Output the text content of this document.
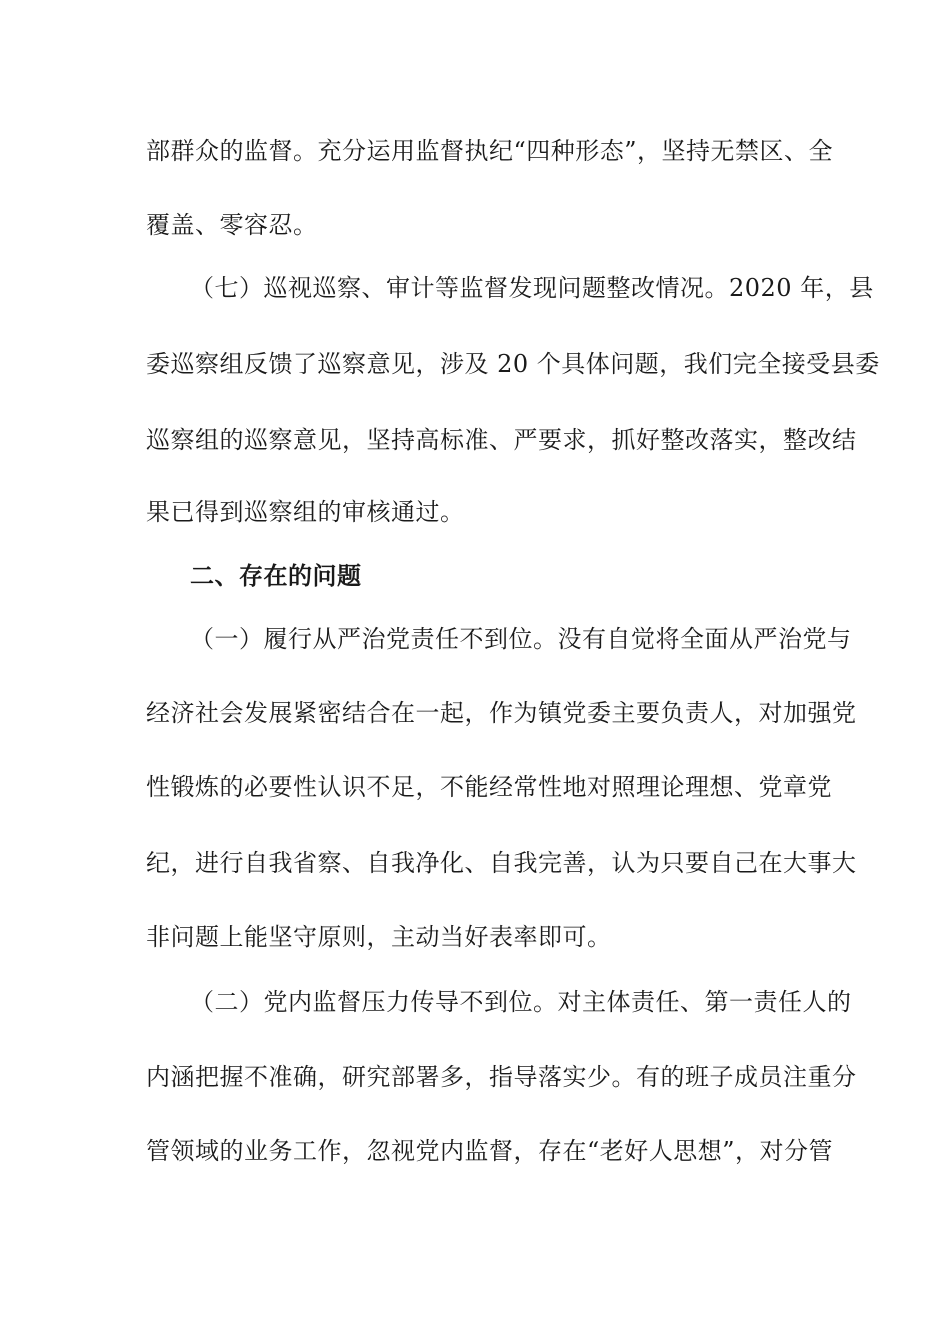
部群众的监督。充分运用监督执纪“四种形态”，坚持无禁区、全
覆盖、零容忍。
（七）巡视巡察、审计等监督发现问题整改情况。2020 年，县
委巡察组反馈了巡察意见，涉及 20 个具体问题，我们完全接受县委
巡察组的巡察意见，坚持高标准、严要求，抓好整改落实，整改结
果已得到巡察组的审核通过。
二、存在的问题
（一）履行从严治党责任不到位。没有自觉将全面从严治党与
经济社会发展紧密结合在一起，作为镇党委主要负责人，对加强党
性锻炼的必要性认识不足，不能经常性地对照理论理想、党章党
纪，进行自我省察、自我净化、自我完善，认为只要自己在大事大
非问题上能坚守原则，主动当好表率即可。
（二）党内监督压力传导不到位。对主体责任、第一责任人的
内涵把握不准确，研究部署多，指导落实少。有的班子成员注重分
管领域的业务工作，忽视党内监督，存在“老好人思想”，对分管
